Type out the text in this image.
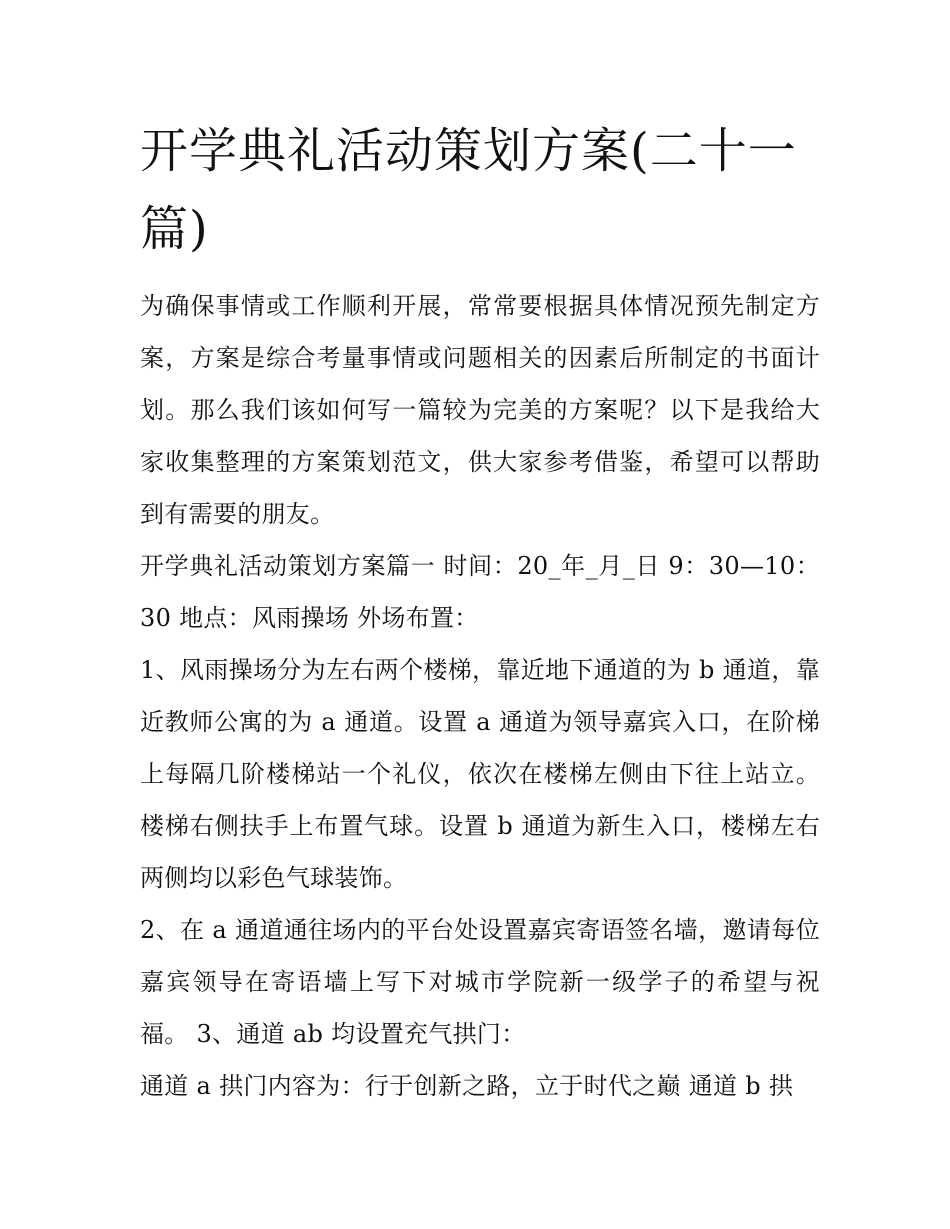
开学典礼活动策划方案(二十一篇)

为确保事情或工作顺利开展，常常要根据具体情况预先制定方案，方案是综合考量事情或问题相关的因素后所制定的书面计划。那么我们该如何写一篇较为完美的方案呢？以下是我给大家收集整理的方案策划范文，供大家参考借鉴，希望可以帮助到有需要的朋友。

开学典礼活动策划方案篇一 时间：20_年_月_日 9：30—10：30 地点：风雨操场 外场布置：

1、风雨操场分为左右两个楼梯，靠近地下通道的为 b 通道，靠近教师公寓的为 a 通道。设置 a 通道为领导嘉宾入口，在阶梯上每隔几阶楼梯站一个礼仪，依次在楼梯左侧由下往上站立。楼梯右侧扶手上布置气球。设置 b 通道为新生入口，楼梯左右两侧均以彩色气球装饰。

2、在 a 通道通往场内的平台处设置嘉宾寄语签名墙，邀请每位嘉宾领导在寄语墙上写下对城市学院新一级学子的希望与祝福。 3、通道 ab 均设置充气拱门：

通道 a 拱门内容为：行于创新之路，立于时代之巅 通道 b 拱
